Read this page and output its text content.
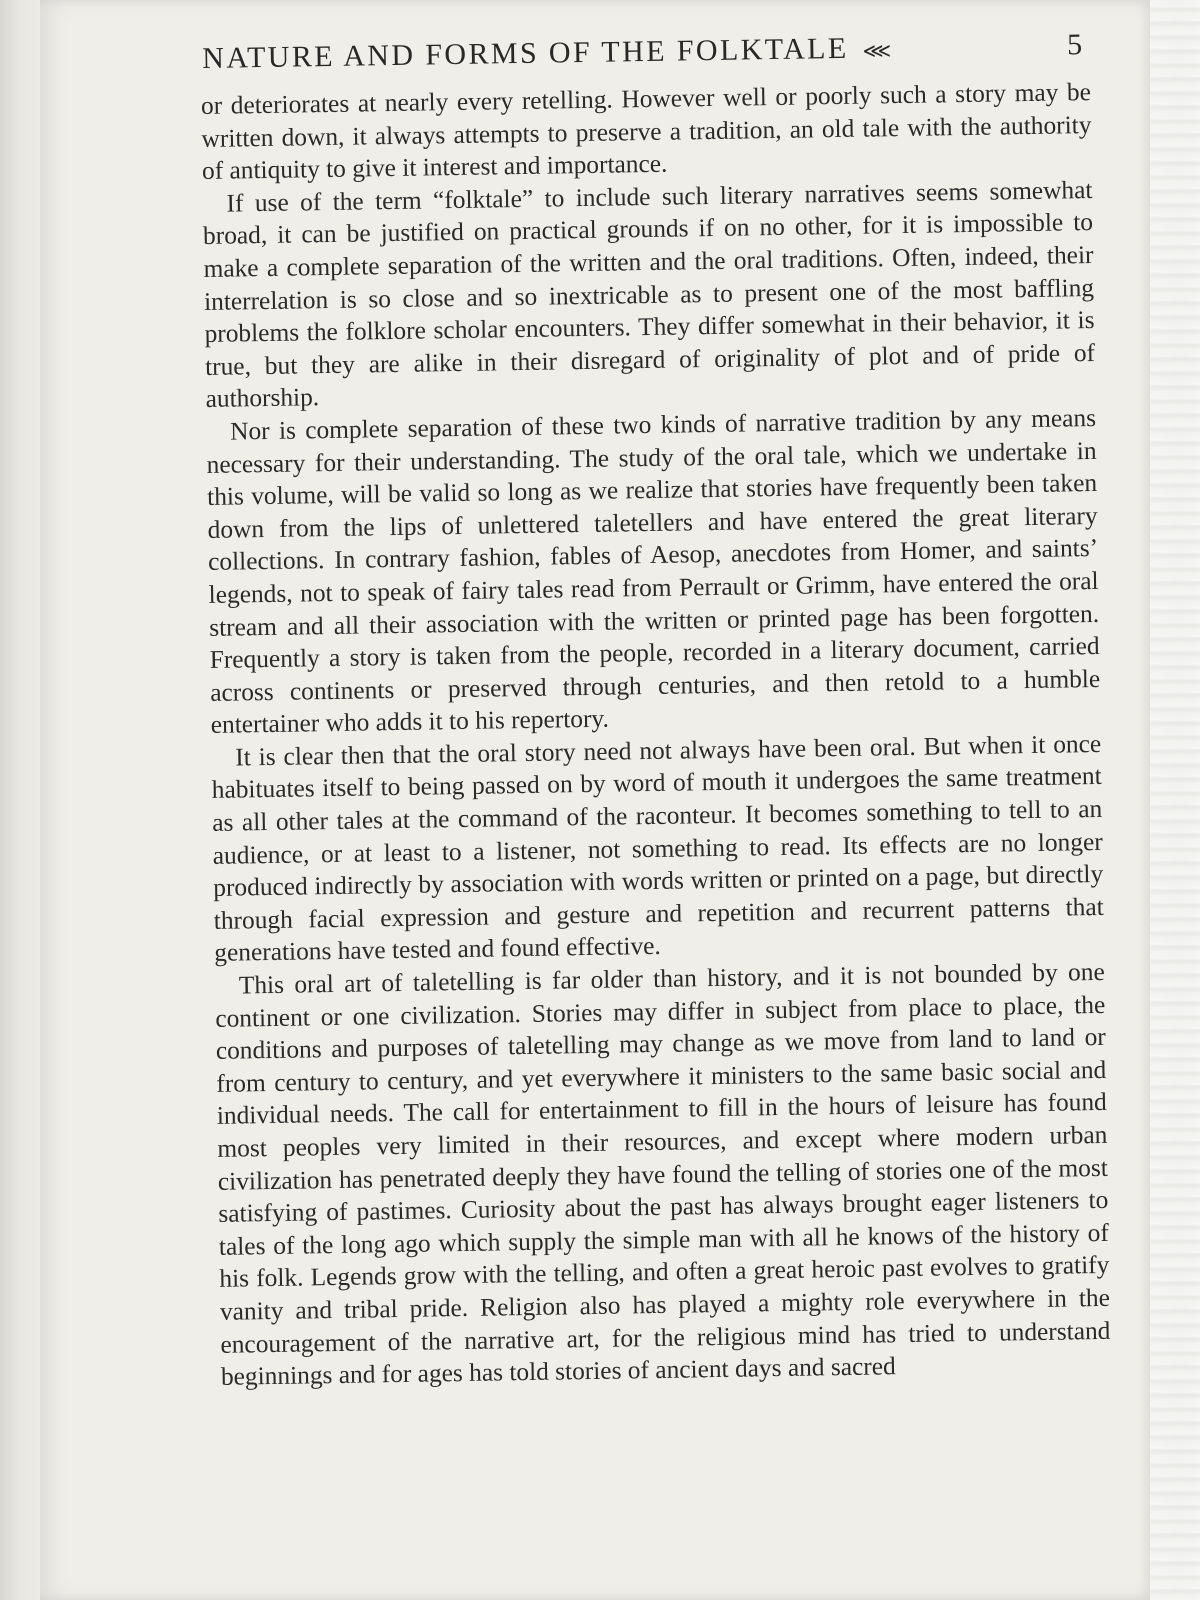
NATURE AND FORMS OF THE FOLKTALE ⋘	5

or deteriorates at nearly every retelling. However well or poorly such a story may be written down, it always attempts to preserve a tradition, an old tale with the authority of antiquity to give it interest and importance.

If use of the term “folktale” to include such literary narratives seems somewhat broad, it can be justified on practical grounds if on no other, for it is impossible to make a complete separation of the written and the oral traditions. Often, indeed, their interrelation is so close and so inextricable as to present one of the most baffling problems the folklore scholar encounters. They differ somewhat in their behavior, it is true, but they are alike in their disregard of originality of plot and of pride of authorship.

Nor is complete separation of these two kinds of narrative tradition by any means necessary for their understanding. The study of the oral tale, which we undertake in this volume, will be valid so long as we realize that stories have frequently been taken down from the lips of unlettered taletellers and have entered the great literary collections. In contrary fashion, fables of Aesop, anecdotes from Homer, and saints’ legends, not to speak of fairy tales read from Perrault or Grimm, have entered the oral stream and all their association with the written or printed page has been forgotten. Frequently a story is taken from the people, recorded in a literary document, carried across continents or preserved through centuries, and then retold to a humble entertainer who adds it to his repertory.

It is clear then that the oral story need not always have been oral. But when it once habituates itself to being passed on by word of mouth it undergoes the same treatment as all other tales at the command of the raconteur. It becomes something to tell to an audience, or at least to a listener, not something to read. Its effects are no longer produced indirectly by association with words written or printed on a page, but directly through facial expression and gesture and repetition and recurrent patterns that generations have tested and found effective.

This oral art of taletelling is far older than history, and it is not bounded by one continent or one civilization. Stories may differ in subject from place to place, the conditions and purposes of taletelling may change as we move from land to land or from century to century, and yet everywhere it ministers to the same basic social and individual needs. The call for entertainment to fill in the hours of leisure has found most peoples very limited in their resources, and except where modern urban civilization has penetrated deeply they have found the telling of stories one of the most satisfying of pastimes. Curiosity about the past has always brought eager listeners to tales of the long ago which supply the simple man with all he knows of the history of his folk. Legends grow with the telling, and often a great heroic past evolves to gratify vanity and tribal pride. Religion also has played a mighty role everywhere in the encouragement of the narrative art, for the religious mind has tried to understand beginnings and for ages has told stories of ancient days and sacred
